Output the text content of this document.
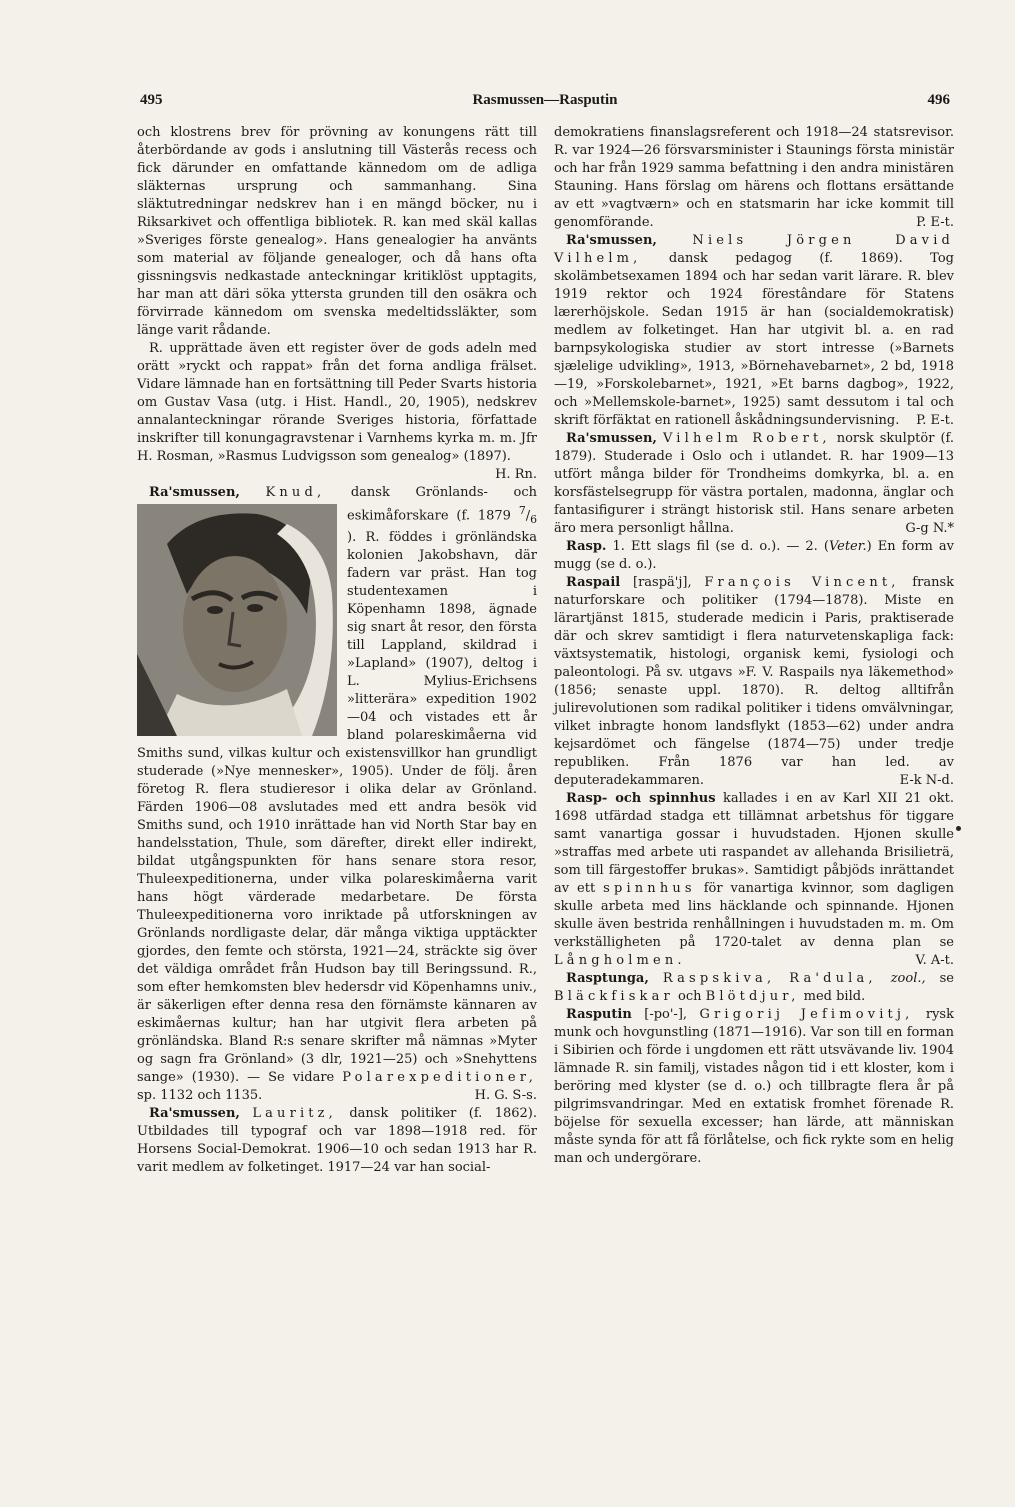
495	Rasmussen—Rasputin	496

och klostrens brev för prövning av konungens rätt till återbördande av gods i anslutning till Västerås recess och fick därunder en omfattande kännedom om de adliga släkternas ursprung och sammanhang. Sina släktutredningar nedskrev han i en mängd böcker, nu i Riksarkivet och offentliga bibliotek. R. kan med skäl kallas »Sveriges förste genealog». Hans genealogier ha använts som material av följande genealoger, och då hans ofta gissningsvis nedkastade anteckningar kritiklöst upptagits, har man att däri söka yttersta grunden till den osäkra och förvirrade kännedom om svenska medeltidssläkter, som länge varit rådande.

R. upprättade även ett register över de gods adeln med orätt »ryckt och rappat» från det forna andliga frälset. Vidare lämnade han en fortsättning till Peder Svarts historia om Gustav Vasa (utg. i Hist. Handl., 20, 1905), nedskrev annalanteckningar rörande Sveriges historia, författade inskrifter till konungagravstenar i Varnhems kyrka m. m. Jfr H. Rosman, »Rasmus Ludvigsson som genealog» (1897).
H. Rn.

Ra'smussen, Knud, dansk Grönlands- och eskimåforskare (f. 1879 $^7/_6$
). R. föddes i grönländska kolonien Jakobshavn, där fadern var präst. Han tog studentexamen i Köpenhamn 1898, ägnade sig snart åt resor, den första till Lappland, skildrad i »Lapland» (1907), deltog i L. Mylius-Erichsens »litterära» expedition 1902—04 och vistades ett år bland polareskimåerna vid Smiths sund, vilkas kultur och existensvillkor han grundligt studerade (»Nye mennesker», 1905). Under de följ. åren företog R. flera studieresor i olika delar av Grönland. Färden 1906—08 avslutades med ett andra besök vid Smiths sund, och 1910 inrättade han vid North Star bay en handelsstation, Thule, som därefter, direkt eller indirekt, bildat utgångspunkten för hans senare stora resor, Thuleexpeditionerna, under vilka polareskimåerna varit hans högt värderade medarbetare. De första Thuleexpeditionerna voro inriktade på utforskningen av Grönlands nordligaste delar, där många viktiga upptäckter gjordes, den femte och största, 1921—24, sträckte sig över det väldiga området från Hudson bay till Beringssund. R., som efter hemkomsten blev hedersdr vid Köpenhamns univ., är säkerligen efter denna resa den förnämste kännaren av eskimåernas kultur; han har utgivit flera arbeten på grönländska. Bland R:s senare skrifter må nämnas »Myter og sagn fra Grönland» (3 dlr, 1921—25) och »Snehyttens sange» (1930). — Se vidare Polarexpeditioner, sp. 1132 och 1135.	H. G. S-s.

Ra'smussen, Lauritz, dansk politiker (f. 1862). Utbildades till typograf och var 1898—1918 red. för Horsens Social-Demokrat. 1906—10 och sedan 1913 har R. varit medlem av folketinget. 1917—24 var han social-

demokratiens finanslagsreferent och 1918—24 statsrevisor. R. var 1924—26 försvarsminister i Staunings första ministär och har från 1929 samma befattning i den andra ministären Stauning. Hans förslag om härens och flottans ersättande av ett »vagtværn» och en statsmarin har icke kommit till genomförande.	P. E-t.

Ra'smussen,	Niels Jörgen David Vilhelm, dansk pedagog (f. 1869). Tog skolämbetsexamen 1894 och har sedan varit lärare. R. blev 1919 rektor och 1924 förestândare för Statens lærerhöjskole. Sedan 1915 är han (socialdemokratisk) medlem av folketinget. Han har utgivit bl. a. en rad barnpsykologiska studier av stort intresse (»Barnets sjælelige udvikling», 1913, »Börnehavebarnet», 2 bd, 1918—19, »Forskolebarnet», 1921, »Et barns dagbog», 1922, och »Mellemskole-barnet», 1925) samt dessutom i tal och skrift förfäktat en rationell åskådningsundervisning.	P. E-t.

Ra'smussen, Vilhelm Robert, norsk skulptör (f. 1879). Studerade i Oslo och i utlandet. R. har 1909—13 utfört många bilder för Trondheims domkyrka, bl. a. en korsfästelsegrupp för västra portalen, madonna, änglar och fantasifigurer i strängt historisk stil. Hans senare arbeten äro mera personligt hållna.	G-g N.*

Rasp. 1. Ett slags fil (se d. o.). — 2. (Veter.) En form av mugg (se d. o.).

Raspail [raspä'j], François Vincent, fransk naturforskare och politiker (1794—1878). Miste en lärartjänst 1815, studerade medicin i Paris, praktiserade där och skrev samtidigt i flera naturvetenskapliga fack: växtsystematik, histologi, organisk kemi, fysiologi och paleontologi. På sv. utgavs »F. V. Raspails nya läkemethod» (1856; senaste uppl. 1870). R. deltog alltifrån julirevolutionen som radikal politiker i tidens omvälvningar, vilket inbragte honom landsflykt (1853—62) under andra kejsardömet och fängelse (1874—75) under tredje republiken. Från 1876 var han led. av deputeradekammaren.	E-k N-d.

Rasp- och spinnhus kallades i en av Karl XII 21 okt. 1698 utfärdad stadga ett tillämnat arbetshus för tiggare samt vanartiga gossar i huvudstaden. Hjonen skulle »straffas med arbete uti raspandet av allehanda Brisilieträ, som till färgestoffer brukas». Samtidigt påbjöds inrättandet av ett spinnhus för vanartiga kvinnor, som dagligen skulle arbeta med lins häcklande och spinnande. Hjonen skulle även bestrida renhållningen i huvudstaden m. m. Om verkställigheten på 1720-talet av denna plan se Långholmen.	V. A-t.

Rasptunga, Raspskiva, Ra'dula, zool., se Bläckfiskar och Blötdjur, med bild.

Rasputin [-po'-], Grigorij Jefimovitj, rysk munk och hovgunstling (1871—1916). Var son till en forman i Sibirien och förde i ungdomen ett rätt utsvävande liv. 1904 lämnade R. sin familj, vistades någon tid i ett kloster, kom i beröring med klyster (se d. o.) och tillbragte flera år på pilgrimsvandringar. Med en extatisk fromhet förenade R. böjelse för sexuella excesser; han lärde, att människan måste synda för att få förlåtelse, och fick rykte som en helig man och undergörare.
